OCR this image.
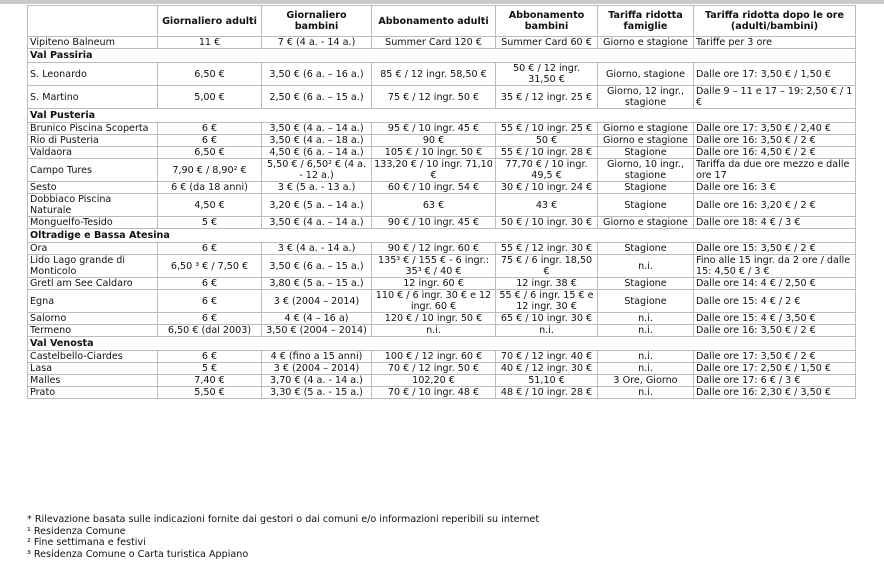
	Giornaliero adulti	Giornaliero bambini	Abbonamento adulti	Abbonamento bambini	Tariffa ridotta famiglie	Tariffa ridotta dopo le ore (adulti/bambini)
Vipiteno Balneum	11 €	7 € (4 a. - 14 a.)	Summer Card 120 €	Summer Card 60 €	Giorno e stagione	Tariffe per 3 ore
Val Passiria						
S. Leonardo	6,50 €	3,50 € (6 a. – 16 a.)	85 € / 12 ingr. 58,50 €	50 € / 12 ingr. 31,50 €	Giorno, stagione	Dalle ore 17: 3,50 € / 1,50 €
S. Martino	5,00 €	2,50 € (6 a. – 15 a.)	75 € / 12 ingr. 50 €	35 € / 12 ingr. 25 €	Giorno, 12 ingr., stagione	Dalle 9 – 11 e 17 – 19: 2,50 € / 1 €
Val Pusteria						
Brunico Piscina Scoperta	6 €	3,50 € (4 a. – 14 a.)	95 € / 10 ingr. 45 €	55 € / 10 ingr. 25 €	Giorno e stagione	Dalle ore 17: 3,50 € / 2,40 €
Rio di Pusteria	6 €	3,50 € (4 a. – 18 a.)	90 €	50 €	Giorno e stagione	Dalle ore 16: 3,50 € / 2 €
Valdaora	6,50 €	4,50 € (6 a. – 14 a.)	105 € / 10 ingr. 50 €	55 € / 10 ingr. 28 €	Stagione	Dalle ore 16: 4,50 € / 2 €
Campo Tures	7,90 € / 8,90² €	5,50 € / 6,50² € (4 a. - 12 a.)	133,20 € / 10 ingr. 71,10 €	77,70 € / 10 ingr. 49,5 €	Giorno, 10 ingr., stagione	Tariffa da due ore mezzo e dalle ore 17
Sesto	6 € (da 18 anni)	3 € (5 a. - 13 a.)	60 € / 10 ingr. 54 €	30 € / 10 ingr. 24 €	Stagione	Dalle ore 16: 3 €
Dobbiaco Piscina Naturale	4,50 €	3,20 € (5 a. – 14 a.)	63 €	43 €	Stagione	Dalle ore 16: 3,20 € / 2 €
Monguelfo-Tesido	5 €	3,50 € (4 a. – 14 a.)	90 € / 10 ingr. 45 €	50 € / 10 ingr. 30 €	Giorno e stagione	Dalle ore 18: 4 € / 3 €
Oltradige e Bassa Atesina						
Ora	6 €	3 € (4 a. - 14 a.)	90 € / 12 ingr. 60 €	55 € / 12 ingr. 30 €	Stagione	Dalle ore 15: 3,50 € / 2 €
Lido Lago grande di Monticolo	6,50 ³ € / 7,50 €	3,50 € (6 a. – 15 a.)	135³ € / 155 € - 6 ingr.: 35³ € / 40 €	75 € / 6 ingr. 18,50 €	n.i.	Fino alle 15 ingr. da 2 ore / dalle 15: 4,50 € / 3 €
Gretl am See Caldaro	6 €	3,80 € (5 a. – 15 a.)	12 ingr. 60 €	12 ingr. 38 €	Stagione	Dalle ore 14: 4 € / 2,50 €
Egna	6 €	3 € (2004 – 2014)	110 € / 6 ingr. 30 € e 12 ingr. 60 €	55 € / 6 ingr. 15 € e 12 ingr. 30 €	Stagione	Dalle ore 15: 4 € / 2 €
Salorno	6 €	4 € (4 – 16 a)	120 € / 10 ingr. 50 €	65 € / 10 ingr. 30 €	n.i.	Dalle ore 15: 4 € / 3,50 €
Termeno	6,50 € (dal 2003)	3,50 € (2004 – 2014)	n.i.	n.i.	n.i.	Dalle ore 16: 3,50 € / 2 €
Val Venosta						
Castelbello-Ciardes	6 €	4 € (fino a 15 anni)	100 € / 12 ingr. 60 €	70 € / 12 ingr. 40 €	n.i.	Dalle ore 17: 3,50 € / 2 €
Lasa	5 €	3 € (2004 – 2014)	70 € / 12 ingr. 50 €	40 € / 12 ingr. 30 €	n.i.	Dalle ore 17: 2,50 € / 1,50 €
Malles	7,40 €	3,70 € (4 a. - 14 a.)	102,20 €	51,10 €	3 Ore, Giorno	Dalle ore 17: 6 € / 3 €
Prato	5,50 €	3,30 € (5 a. - 15 a.)	70 € / 10 ingr. 48 €	48 € / 10 ingr. 28 €	n.i.	Dalle ore 16: 2,30 € / 3,50 €
* Rilevazione basata sulle indicazioni fornite dai gestori o dai comuni e/o informazioni reperibili su internet
¹ Residenza Comune
² Fine settimana e festivi
³ Residenza Comune o Carta turistica Appiano
